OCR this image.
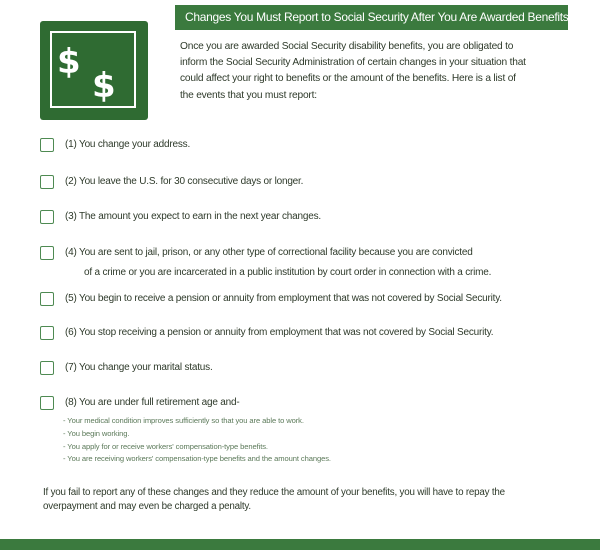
Changes You Must Report to Social Security After You Are Awarded Benefits
$
$
Once you are awarded Social Security disability benefits, you are obligated to inform the Social Security Administration of certain changes in your situation that could affect your right to benefits or the amount of the benefits. Here is a list of the events that you must report:
(1) You change your address.
(2) You leave the U.S. for 30 consecutive days or longer.
(3) The amount you expect to earn in the next year changes.
(4) You are sent to jail, prison, or any other type of correctional facility because you are convicted
of a crime or you are incarcerated in a public institution by court order in connection with a crime.
(5) You begin to receive a pension or annuity from employment that was not covered by Social Security.
(6) You stop receiving a pension or annuity from employment that was not covered by Social Security.
(7) You change your marital status.
(8) You are under full retirement age and-
- Your medical condition improves sufficiently so that you are able to work.
- You begin working.
- You apply for or receive workers' compensation-type benefits.
- You are receiving workers' compensation-type benefits and the amount changes.
If you fail to report any of these changes and they reduce the amount of your benefits, you will have to repay the overpayment and may even be charged a penalty.
